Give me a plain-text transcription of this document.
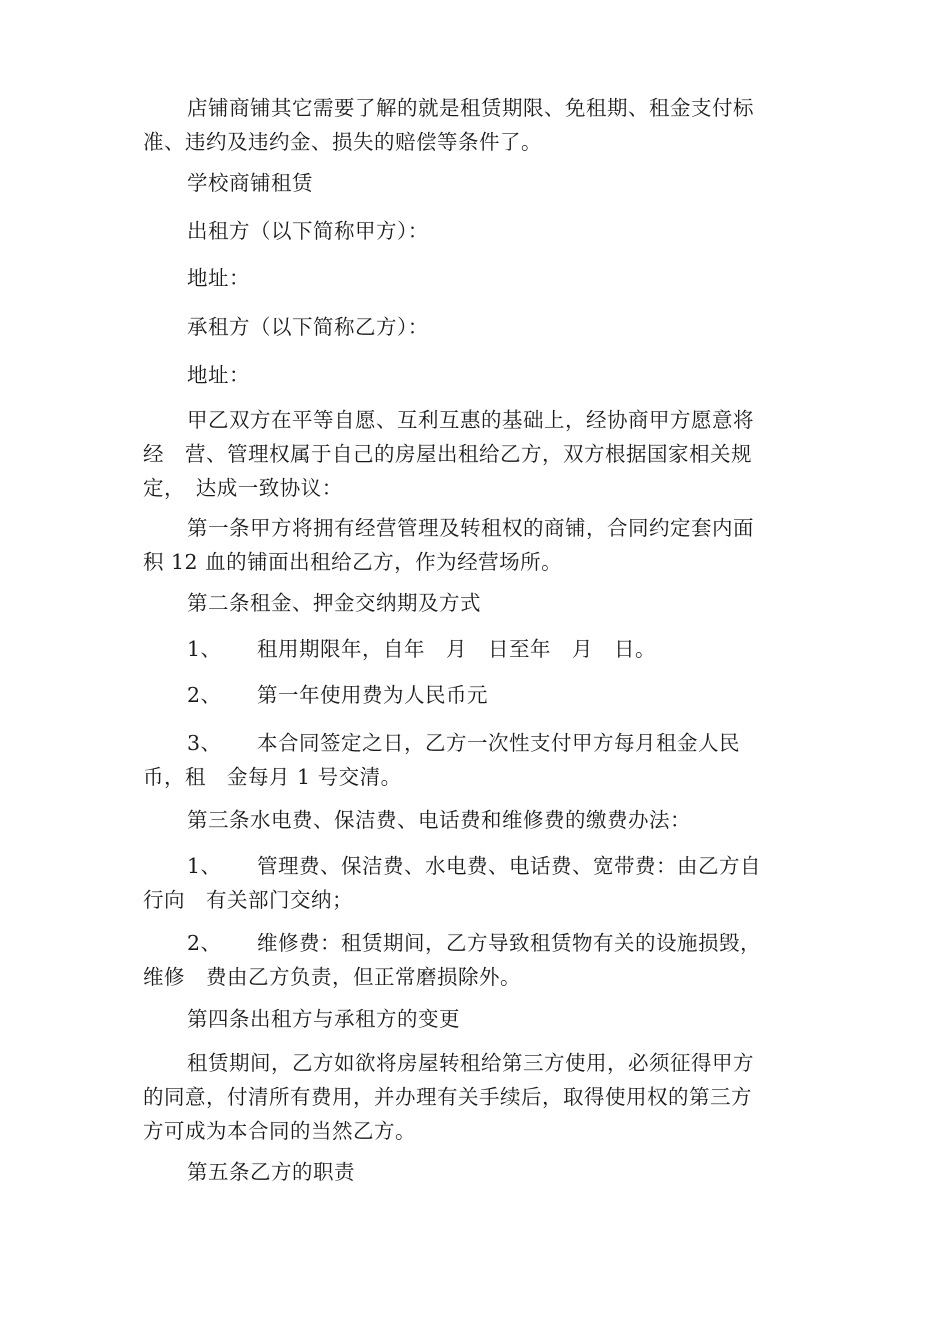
店铺商铺其它需要了解的就是租赁期限、免租期、租金支付标
准、违约及违约金、损失的赔偿等条件了。

学校商铺租赁

出租方（以下简称甲方）：

地址：

承租方（以下简称乙方）：

地址：

甲乙双方在平等自愿、互利互惠的基础上，经协商甲方愿意将
经　营、管理权属于自己的房屋出租给乙方，双方根据国家相关规
定，　达成一致协议：

第一条甲方将拥有经营管理及转租权的商铺，合同约定套内面
积 12 血的铺面出租给乙方，作为经营场所。

第二条租金、押金交纳期及方式

1、 租用期限年，自年　月　日至年　月　日。

2、 第一年使用费为人民币元

3、 本合同签定之日，乙方一次性支付甲方每月租金人民
币，租　金每月 1 号交清。

第三条水电费、保洁费、电话费和维修费的缴费办法：

1、 管理费、保洁费、水电费、电话费、宽带费：由乙方自
行向　有关部门交纳；

2、 维修费：租赁期间，乙方导致租赁物有关的设施损毁，
维修　费由乙方负责，但正常磨损除外。

第四条出租方与承租方的变更

租赁期间，乙方如欲将房屋转租给第三方使用，必须征得甲方
的同意，付清所有费用，并办理有关手续后，取得使用权的第三方
方可成为本合同的当然乙方。

第五条乙方的职责
